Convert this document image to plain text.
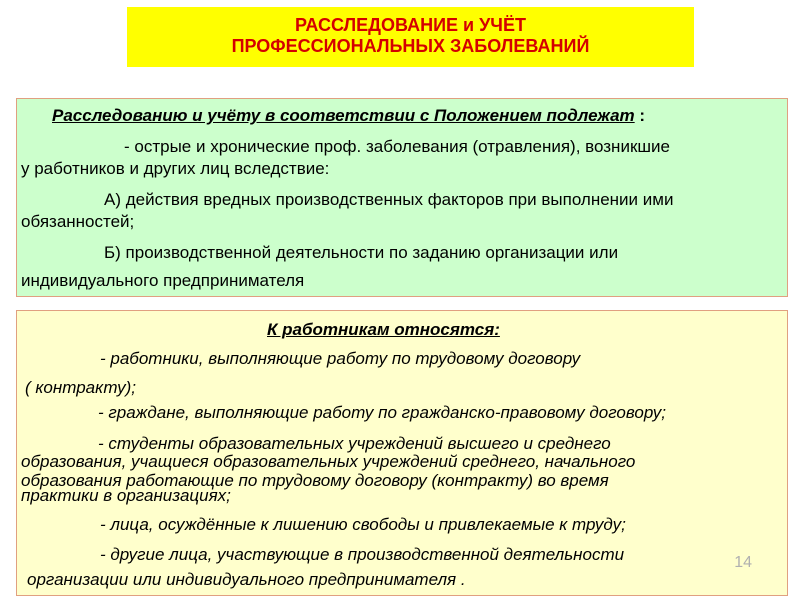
РАССЛЕДОВАНИЕ и УЧЁТ
ПРОФЕССИОНАЛЬНЫХ ЗАБОЛЕВАНИЙ
Расследованию и учёту в соответствии с Положением подлежат :
- острые и хронические проф. заболевания (отравления), возникшие
у работников и других лиц вследствие:
А) действия вредных производственных факторов при выполнении ими
обязанностей;
Б) производственной деятельности по заданию организации или
индивидуального предпринимателя
К работникам относятся:
- работники, выполняющие работу по трудовому договору
( контракту);
- граждане, выполняющие работу по гражданско-правовому договору;
- студенты образовательных учреждений высшего и среднего
образования, учащиеся образовательных учреждений среднего, начального
образования работающие по трудовому договору (контракту) во время
практики в организациях;
- лица, осуждённые к лишению свободы и привлекаемые к труду;
- другие лица, участвующие в производственной деятельности
организации или индивидуального предпринимателя .
14
